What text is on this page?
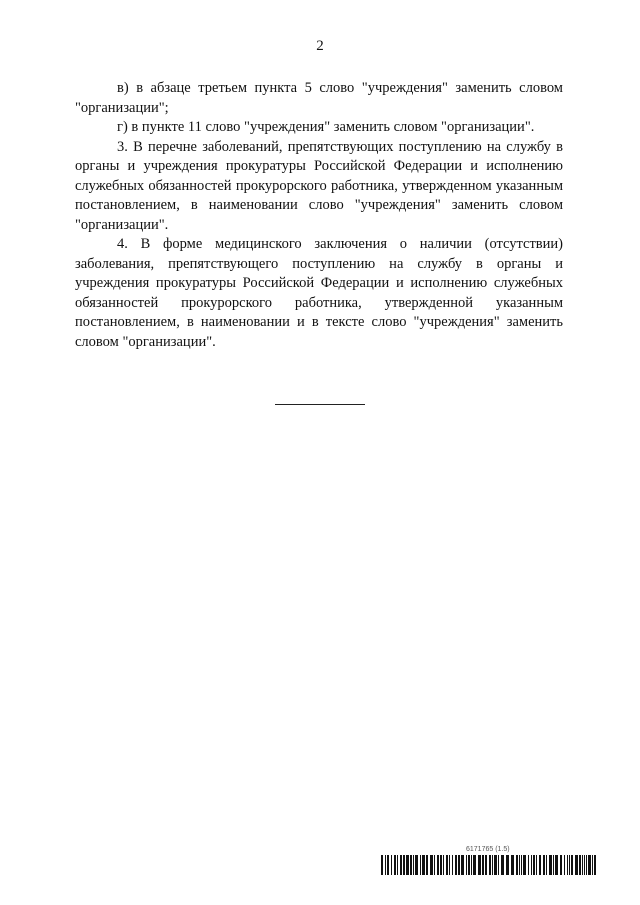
2

в) в абзаце третьем пункта 5 слово "учреждения" заменить словом "организации";

г) в пункте 11 слово "учреждения" заменить словом "организации".

3. В перечне заболеваний, препятствующих поступлению на службу в органы и учреждения прокуратуры Российской Федерации и исполнению служебных обязанностей прокурорского работника, утвержденном указанным постановлением, в наименовании слово "учреждения" заменить словом "организации".

4. В форме медицинского заключения о наличии (отсутствии) заболевания, препятствующего поступлению на службу в органы и учреждения прокуратуры Российской Федерации и исполнению служебных обязанностей прокурорского работника, утвержденной указанным постановлением, в наименовании и в тексте слово "учреждения" заменить словом "организации".

6171765 (1.5)
